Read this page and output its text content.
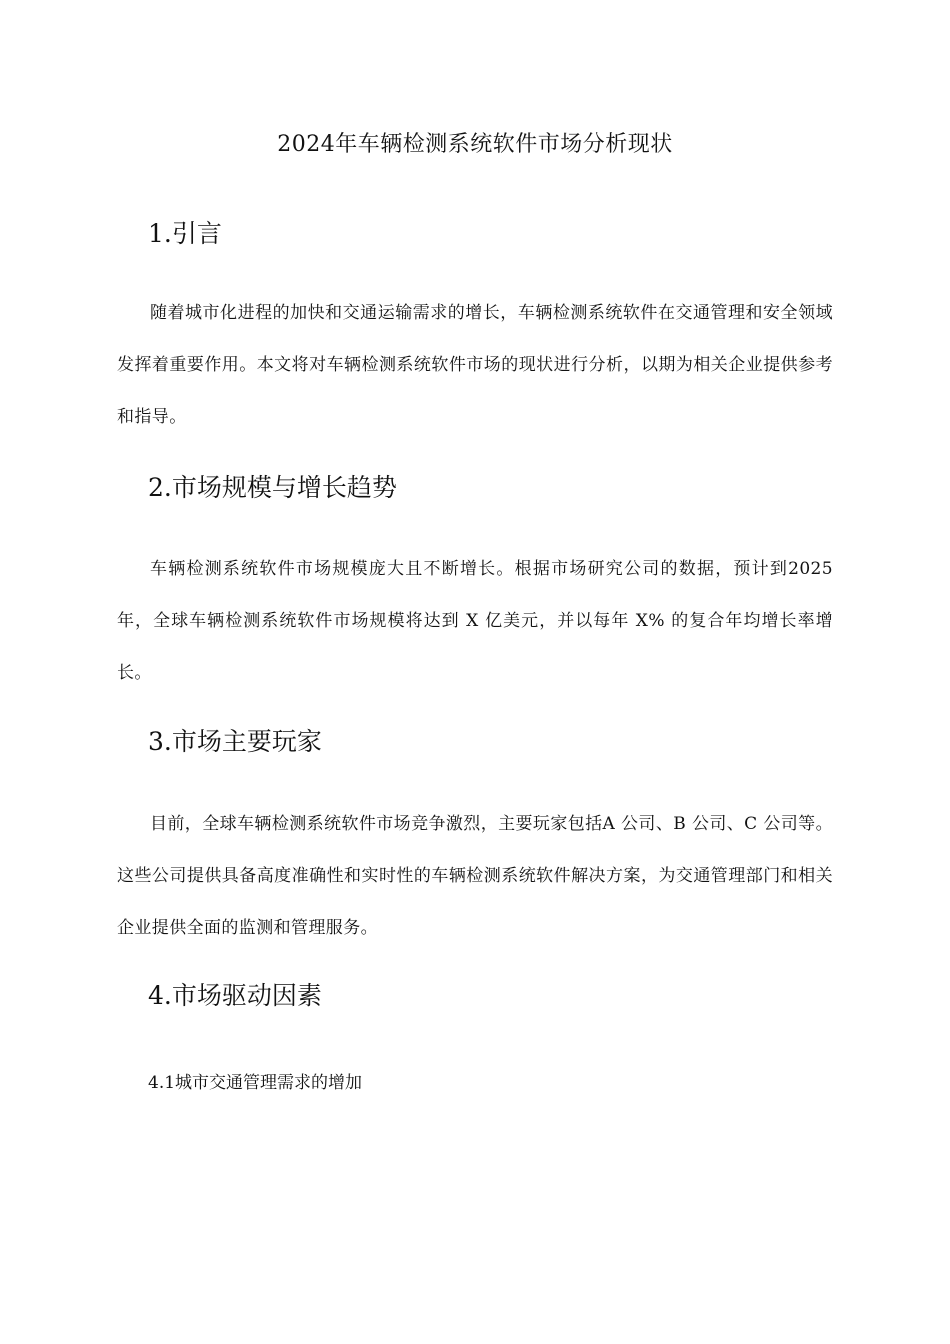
2024年车辆检测系统软件市场分析现状
1.引言

随着城市化进程的加快和交通运输需求的增长，车辆检测系统软件在交通管理和安全领域发挥着重要作用。本文将对车辆检测系统软件市场的现状进行分析，以期为相关企业提供参考和指导。

2.市场规模与增长趋势

车辆检测系统软件市场规模庞大且不断增长。根据市场研究公司的数据，预计到2025 年，全球车辆检测系统软件市场规模将达到 X 亿美元，并以每年 X% 的复合年均增长率增长。

3.市场主要玩家

目前，全球车辆检测系统软件市场竞争激烈，主要玩家包括A 公司、B 公司、C 公司等。这些公司提供具备高度准确性和实时性的车辆检测系统软件解决方案，为交通管理部门和相关企业提供全面的监测和管理服务。

4.市场驱动因素
4.1城市交通管理需求的增加
